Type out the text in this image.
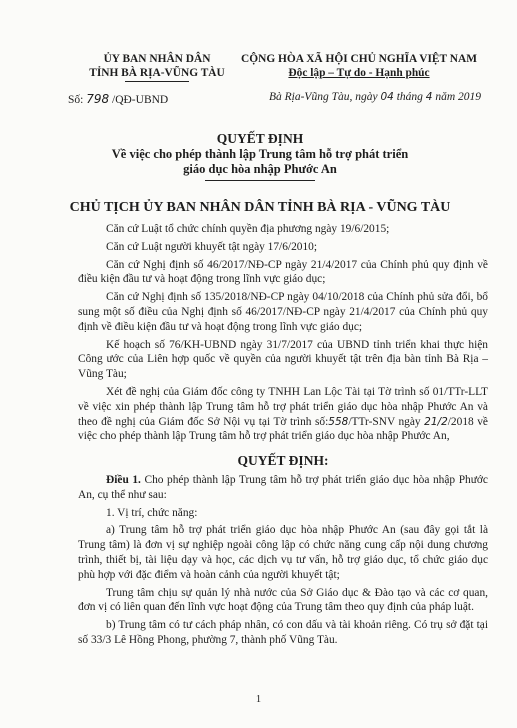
ỦY BAN NHÂN DÂN
TỈNH BÀ RỊA-VŨNG TÀU
CỘNG HÒA XÃ HỘI CHỦ NGHĨA VIỆT NAM
Độc lập – Tự do - Hạnh phúc
Số: 798 /QĐ-UBND	Bà Rịa-Vũng Tàu, ngày 04 tháng 4 năm 2019
QUYẾT ĐỊNH
Về việc cho phép thành lập Trung tâm hỗ trợ phát triển
giáo dục hòa nhập Phước An
CHỦ TỊCH ỦY BAN NHÂN DÂN TỈNH BÀ RỊA - VŨNG TÀU

Căn cứ Luật tổ chức chính quyền địa phương ngày 19/6/2015;

Căn cứ Luật người khuyết tật ngày 17/6/2010;

Căn cứ Nghị định số 46/2017/NĐ-CP ngày 21/4/2017 của Chính phủ quy định về điều kiện đầu tư và hoạt động trong lĩnh vực giáo dục;

Căn cứ Nghị định số 135/2018/NĐ-CP ngày 04/10/2018 của Chính phủ sửa đổi, bổ sung một số điều của Nghị định số 46/2017/NĐ-CP ngày 21/4/2017 của Chính phủ quy định về điều kiện đầu tư và hoạt động trong lĩnh vực giáo dục;

Kế hoạch số 76/KH-UBND ngày 31/7/2017 của UBND tỉnh triển khai thực hiện Công ước của Liên hợp quốc về quyền của người khuyết tật trên địa bàn tỉnh Bà Rịa – Vũng Tàu;

Xét đề nghị của Giám đốc công ty TNHH Lan Lộc Tài tại Tờ trình số 01/TTr-LLT về việc xin phép thành lập Trung tâm hỗ trợ phát triển giáo dục hòa nhập Phước An và theo đề nghị của Giám đốc Sở Nội vụ tại Tờ trình số:558/TTr-SNV ngày 21/2/2018 về việc cho phép thành lập Trung tâm hỗ trợ phát triển giáo dục hòa nhập Phước An,

QUYẾT ĐỊNH:

Điều 1. Cho phép thành lập Trung tâm hỗ trợ phát triển giáo dục hòa nhập Phước An, cụ thể như sau:

1. Vị trí, chức năng:

a) Trung tâm hỗ trợ phát triển giáo dục hòa nhập Phước An (sau đây gọi tắt là Trung tâm) là đơn vị sự nghiệp ngoài công lập có chức năng cung cấp nội dung chương trình, thiết bị, tài liệu dạy và học, các dịch vụ tư vấn, hỗ trợ giáo dục, tổ chức giáo dục phù hợp với đặc điểm và hoàn cảnh của người khuyết tật;

Trung tâm chịu sự quản lý nhà nước của Sở Giáo dục & Đào tạo và các cơ quan, đơn vị có liên quan đến lĩnh vực hoạt động của Trung tâm theo quy định của pháp luật.

b) Trung tâm có tư cách pháp nhân, có con dấu và tài khoản riêng. Có trụ sở đặt tại số 33/3 Lê Hồng Phong, phường 7, thành phố Vũng Tàu.

1
